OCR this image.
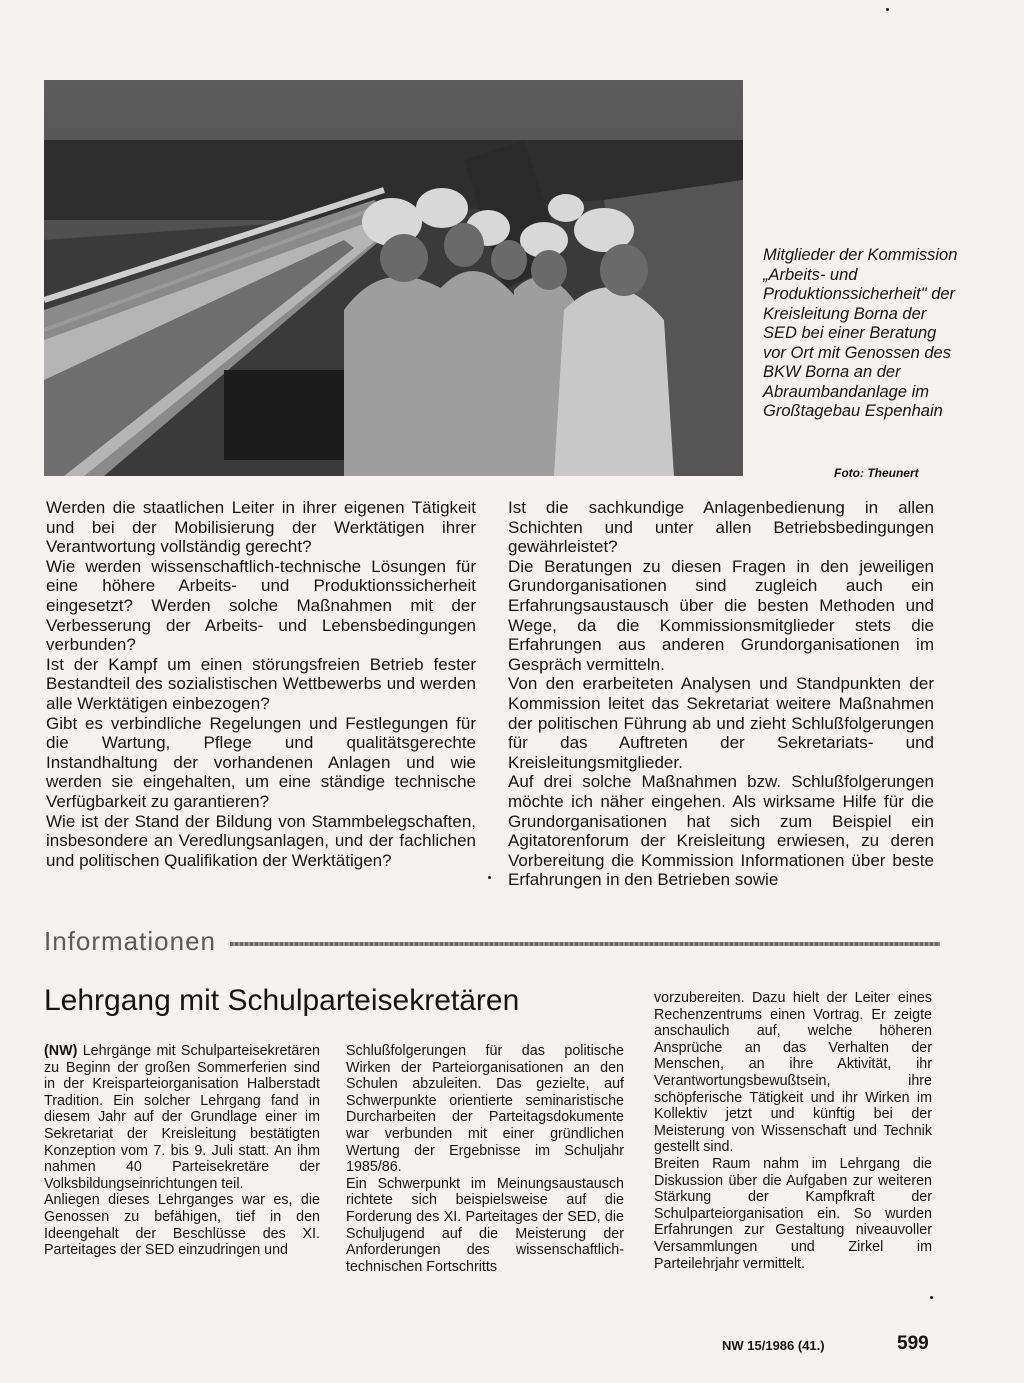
Mitglieder der Kommission „Arbeits- und Produktionssicherheit" der Kreisleitung Borna der SED bei einer Beratung vor Ort mit Genossen des BKW Borna an der Abraumbandanlage im Großtagebau Espenhain

Foto: Theunert

Werden die staatlichen Leiter in ihrer eigenen Tätigkeit und bei der Mobilisierung der Werktätigen ihrer Verantwortung vollständig gerecht?

Wie werden wissenschaftlich-technische Lösungen für eine höhere Arbeits- und Produktionssicherheit eingesetzt? Werden solche Maßnahmen mit der Verbesserung der Arbeits- und Lebensbedingungen verbunden?

Ist der Kampf um einen störungsfreien Betrieb fester Bestandteil des sozialistischen Wettbewerbs und werden alle Werktätigen einbezogen?

Gibt es verbindliche Regelungen und Festlegungen für die Wartung, Pflege und qualitätsgerechte Instandhaltung der vorhandenen Anlagen und wie werden sie eingehalten, um eine ständige technische Verfügbarkeit zu garantieren?

Wie ist der Stand der Bildung von Stammbelegschaften, insbesondere an Veredlungsanlagen, und der fachlichen und politischen Qualifikation der Werktätigen?

Ist die sachkundige Anlagenbedienung in allen Schichten und unter allen Betriebsbedingungen gewährleistet?

Die Beratungen zu diesen Fragen in den jeweiligen Grundorganisationen sind zugleich auch ein Erfahrungsaustausch über die besten Methoden und Wege, da die Kommissionsmitglieder stets die Erfahrungen aus anderen Grundorganisationen im Gespräch vermitteln.

Von den erarbeiteten Analysen und Standpunkten der Kommission leitet das Sekretariat weitere Maßnahmen der politischen Führung ab und zieht Schlußfolgerungen für das Auftreten der Sekretariats- und Kreisleitungsmitglieder.

Auf drei solche Maßnahmen bzw. Schlußfolgerungen möchte ich näher eingehen. Als wirksame Hilfe für die Grundorganisationen hat sich zum Beispiel ein Agitatorenforum der Kreisleitung erwiesen, zu deren Vorbereitung die Kommission Informationen über beste Erfahrungen in den Betrieben sowie

Informationen
Lehrgang mit Schulparteisekretären

(NW) Lehrgänge mit Schulparteisekretären zu Beginn der großen Sommerferien sind in der Kreisparteiorganisation Halberstadt Tradition. Ein solcher Lehrgang fand in diesem Jahr auf der Grundlage einer im Sekretariat der Kreisleitung bestätigten Konzeption vom 7. bis 9. Juli statt. An ihm nahmen 40 Parteisekretäre der Volksbildungseinrichtungen teil.

Anliegen dieses Lehrganges war es, die Genossen zu befähigen, tief in den Ideengehalt der Beschlüsse des XI. Parteitages der SED einzudringen und

Schlußfolgerungen für das politische Wirken der Parteiorganisationen an den Schulen abzuleiten. Das gezielte, auf Schwerpunkte orientierte seminaristische Durcharbeiten der Parteitagsdokumente war verbunden mit einer gründlichen Wertung der Ergebnisse im Schuljahr 1985/86.

Ein Schwerpunkt im Meinungsaustausch richtete sich beispielsweise auf die Forderung des XI. Parteitages der SED, die Schuljugend auf die Meisterung der Anforderungen des wissenschaftlich-technischen Fortschritts

vorzubereiten. Dazu hielt der Leiter eines Rechenzentrums einen Vortrag. Er zeigte anschaulich auf, welche höheren Ansprüche an das Verhalten der Menschen, an ihre Aktivität, ihr Verantwortungsbewußtsein, ihre schöpferische Tätigkeit und ihr Wirken im Kollektiv jetzt und künftig bei der Meisterung von Wissenschaft und Technik gestellt sind.

Breiten Raum nahm im Lehrgang die Diskussion über die Aufgaben zur weiteren Stärkung der Kampfkraft der Schulparteiorganisation ein. So wurden Erfahrungen zur Gestaltung niveauvoller Versammlungen und Zirkel im Parteilehrjahr vermittelt.

NW 15/1986 (41.)	599
